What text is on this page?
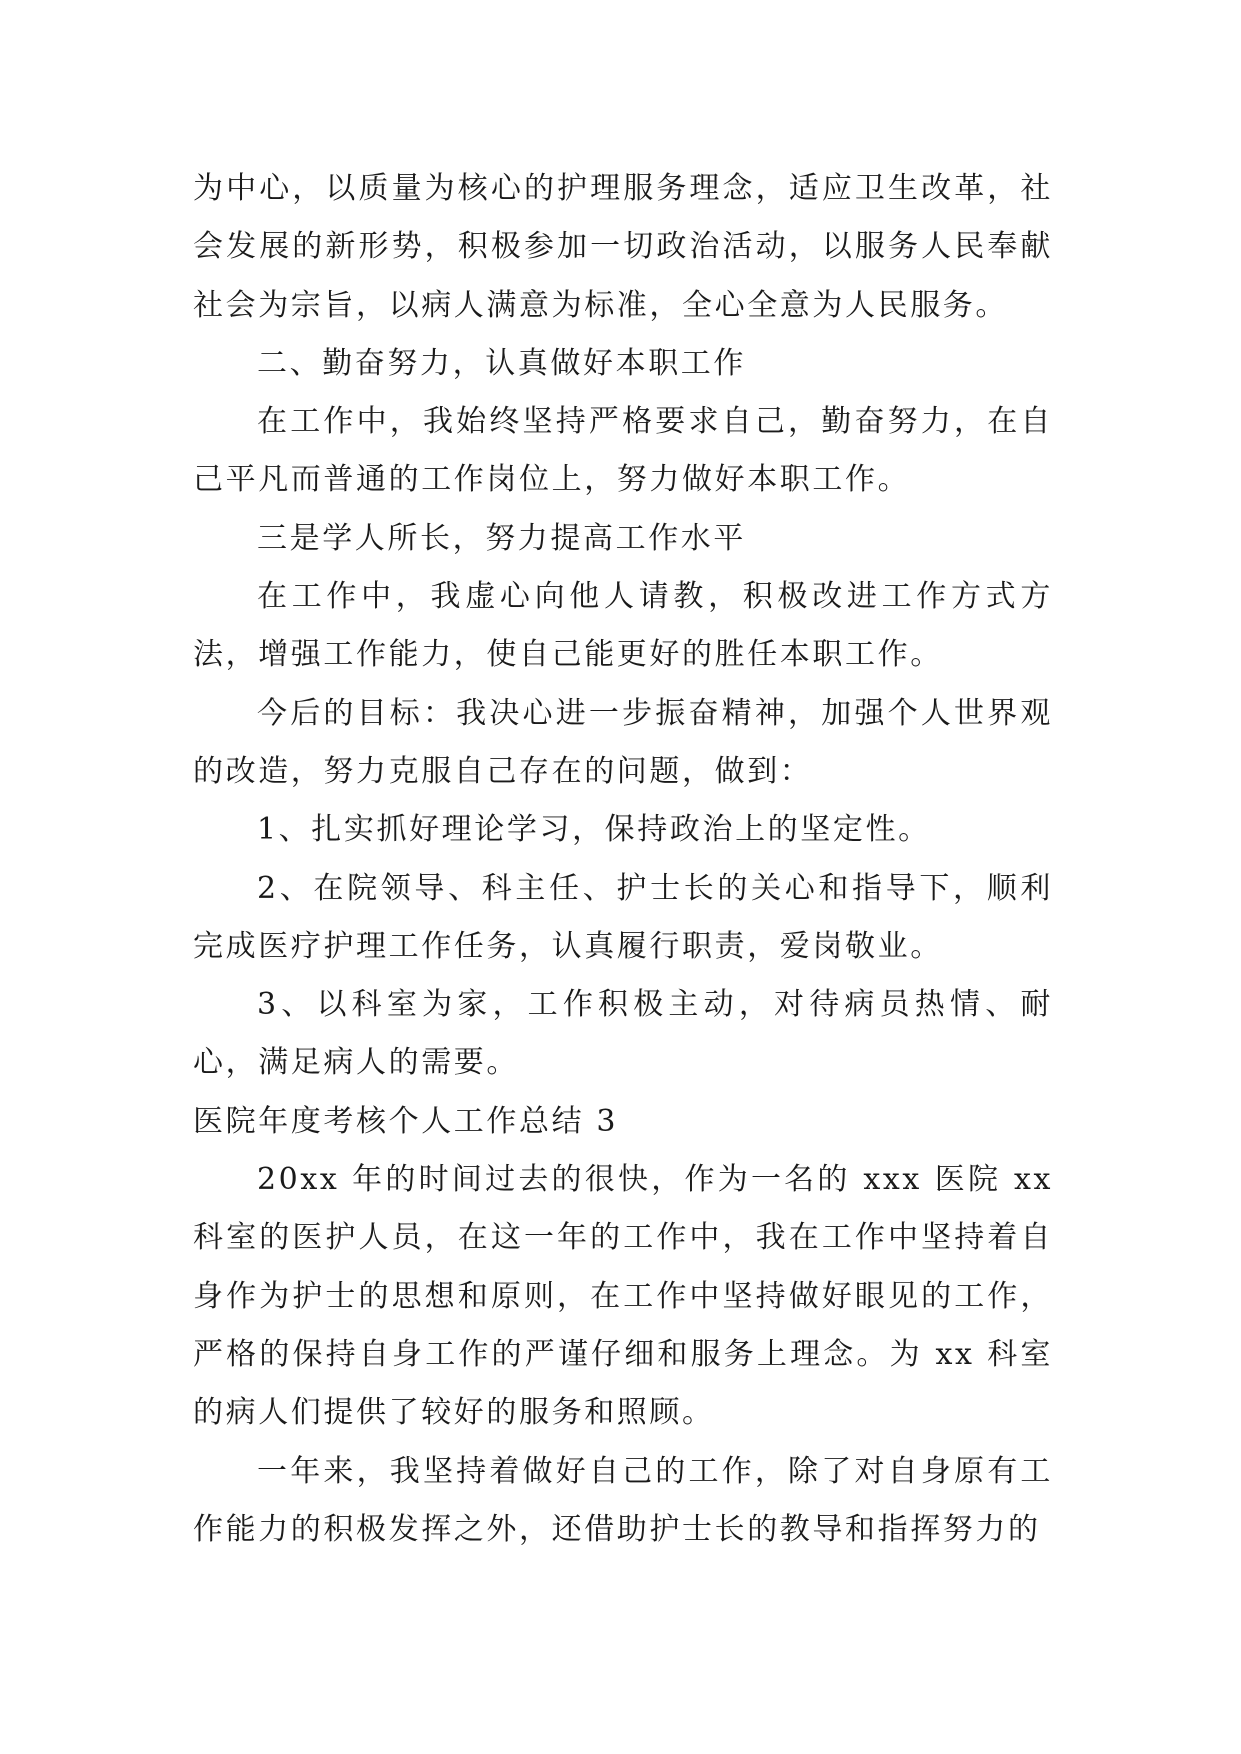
为中心，以质量为核心的护理服务理念，适应卫生改革，社会发展的新形势，积极参加一切政治活动，以服务人民奉献社会为宗旨，以病人满意为标准，全心全意为人民服务。

二、勤奋努力，认真做好本职工作

在工作中，我始终坚持严格要求自己，勤奋努力，在自己平凡而普通的工作岗位上，努力做好本职工作。

三是学人所长，努力提高工作水平

在工作中，我虚心向他人请教，积极改进工作方式方法，增强工作能力，使自己能更好的胜任本职工作。

今后的目标：我决心进一步振奋精神，加强个人世界观的改造，努力克服自己存在的问题，做到：

1、扎实抓好理论学习，保持政治上的坚定性。

2、在院领导、科主任、护士长的关心和指导下，顺利完成医疗护理工作任务，认真履行职责，爱岗敬业。

3、以科室为家，工作积极主动，对待病员热情、耐心，满足病人的需要。

医院年度考核个人工作总结 3

20xx 年的时间过去的很快，作为一名的 xxx 医院 xx 科室的医护人员，在这一年的工作中，我在工作中坚持着自身作为护士的思想和原则，在工作中坚持做好眼见的工作，严格的保持自身工作的严谨仔细和服务上理念。为 xx 科室的病人们提供了较好的服务和照顾。

一年来，我坚持着做好自己的工作，除了对自身原有工作能力的积极发挥之外，还借助护士长的教导和指挥努力的
